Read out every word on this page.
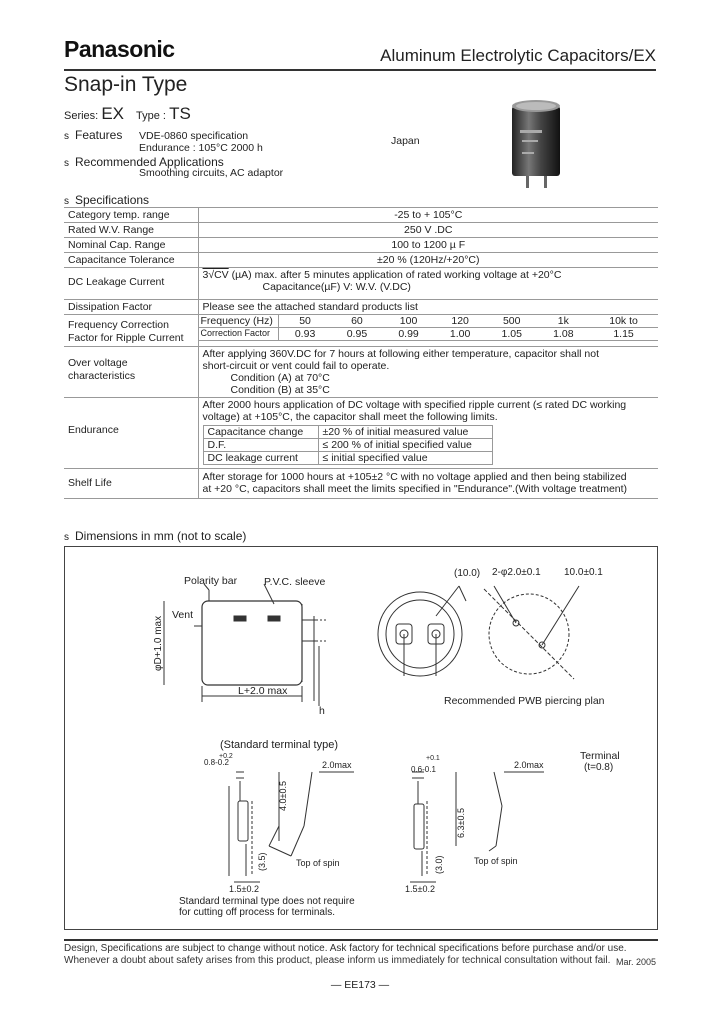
Panasonic	Aluminum Electrolytic Capacitors/EX
Snap-in Type
Series: EX Type : TS
s Features VDE-0860 specification
Endurance : 105°C 2000 h
Japan
s Recommended Applications
Smoothing circuits, AC adaptor
s Specifications
Category temp. range	-25 to + 105°C
Rated W.V. Range	250 V .DC
Nominal Cap. Range	100 to 1200 µ F
Capacitance Tolerance	±20 % (120Hz/+20°C)
DC Leakage Current	3√CV (µA) max. after 5 minutes application of rated working voltage at +20°C
Capacitance(µF) V: W.V. (V.DC)
Dissipation Factor	Please see the attached standard products list
Frequency Correction
Factor for Ripple Current	
Frequency (Hz)	50	60	100	120	500	1k	10k to
Correction Factor	0.93	0.95	0.99	1.00	1.05	1.08	1.15

Over voltage
characteristics	After applying 360V.DC for 7 hours at following either temperature, capacitor shall not
short-circuit or vent could fail to operate.
Condition (A) at 70°C
Condition (B) at 35°C
Endurance	After 2000 hours application of DC voltage with specified ripple current (≤ rated DC working
voltage) at +105°C, the capacitor shall meet the following limits.
Capacitance change	±20 % of initial measured value
D.F.	≤ 200 % of initial specified value
DC leakage current	≤ initial specified value

Shelf Life	After storage for 1000 hours at +105±2 °C with no voltage applied and then being stabilized
at +20 °C, capacitors shall meet the limits specified in "Endurance".(With voltage treatment)
s Dimensions in mm (not to scale)
Polarity bar	P.V.C. sleeve
Vent
φD+1.0 max
L+2.0 max
h
(10.0) 2-φ2.0±0.1 10.0±0.1
Recommended PWB piercing plan
(Standard terminal type)
Terminal
(t=0.8)
0.8-0.2
+0.2
2.0max
4.0±0.5
(3.5)	Top of spin
1.5±0.2
0.6-0.1
+0.1
2.0max
6.3±0.5
(3.0)	Top of spin
1.5±0.2
Standard terminal type does not require
for cutting off process for terminals.
Design, Specifications are subject to change without notice. Ask factory for technical specifications before purchase and/or use.
Whenever a doubt about safety arises from this product, please inform us immediately for technical consultation without fail. Mar. 2005
— EE173 —
